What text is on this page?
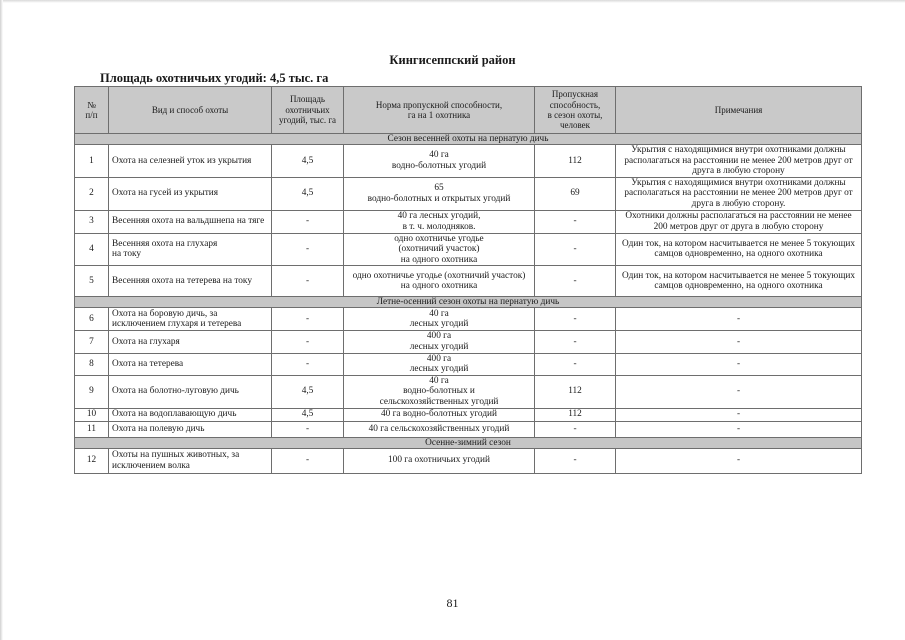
Кингисеппский район
Площадь охотничьих угодий: 4,5 тыс. га
№
п/п	Вид и способ охоты	Площадь
охотничьих
угодий, тыс. га	Норма пропускной способности,
га на 1 охотника	Пропускная
способность,
в сезон охоты,
человек	Примечания
Сезон весенней охоты на пернатую дичь					
1	Охота на селезней уток из укрытия	4,5	40 га
водно-болотных угодий	112	Укрытия с находящимися внутри охотниками должны располагаться на расстоянии не менее 200 метров друг от друга в любую сторону
2	Охота на гусей из укрытия	4,5	65
водно-болотных и открытых угодий	69	Укрытия с находящимися внутри охотниками должны располагаться на расстоянии не менее 200 метров друг от друга в любую сторону.
3	Весенняя охота на вальдшнепа на тяге	-	40 га лесных угодий,
в т. ч. молодняков.	-	Охотники должны располагаться на расстоянии не менее 200 метров друг от друга в любую сторону
4	Весенняя охота на глухаря
на току	-	одно охотничье угодье
(охотничий участок)
на одного охотника	-	Один ток, на котором насчитывается не менее 5 токующих самцов одновременно, на одного охотника
5	Весенняя охота на тетерева на току	-	одно охотничье угодье (охотничий участок) на одного охотника	-	Один ток, на котором насчитывается не менее 5 токующих самцов одновременно, на одного охотника
Летне-осенний сезон охоты на пернатую дичь					
6	Охота на боровую дичь, за исключением глухаря и тетерева	-	40 га
лесных угодий	-	-
7	Охота на глухаря	-	400 га
лесных угодий	-	-
8	Охота на тетерева	-	400 га
лесных угодий	-	-
9	Охота на болотно-луговую дичь	4,5	40 га
водно-болотных и
сельскохозяйственных угодий	112	-
10	Охота на водоплавающую дичь	4,5	40 га водно-болотных угодий	112	-
11	Охота на полевую дичь	-	40 га сельскохозяйственных угодий	-	-
Осенне-зимний сезон					
12	Охоты на пушных животных, за исключением волка	-	100 га охотничьих угодий	-	-
81
